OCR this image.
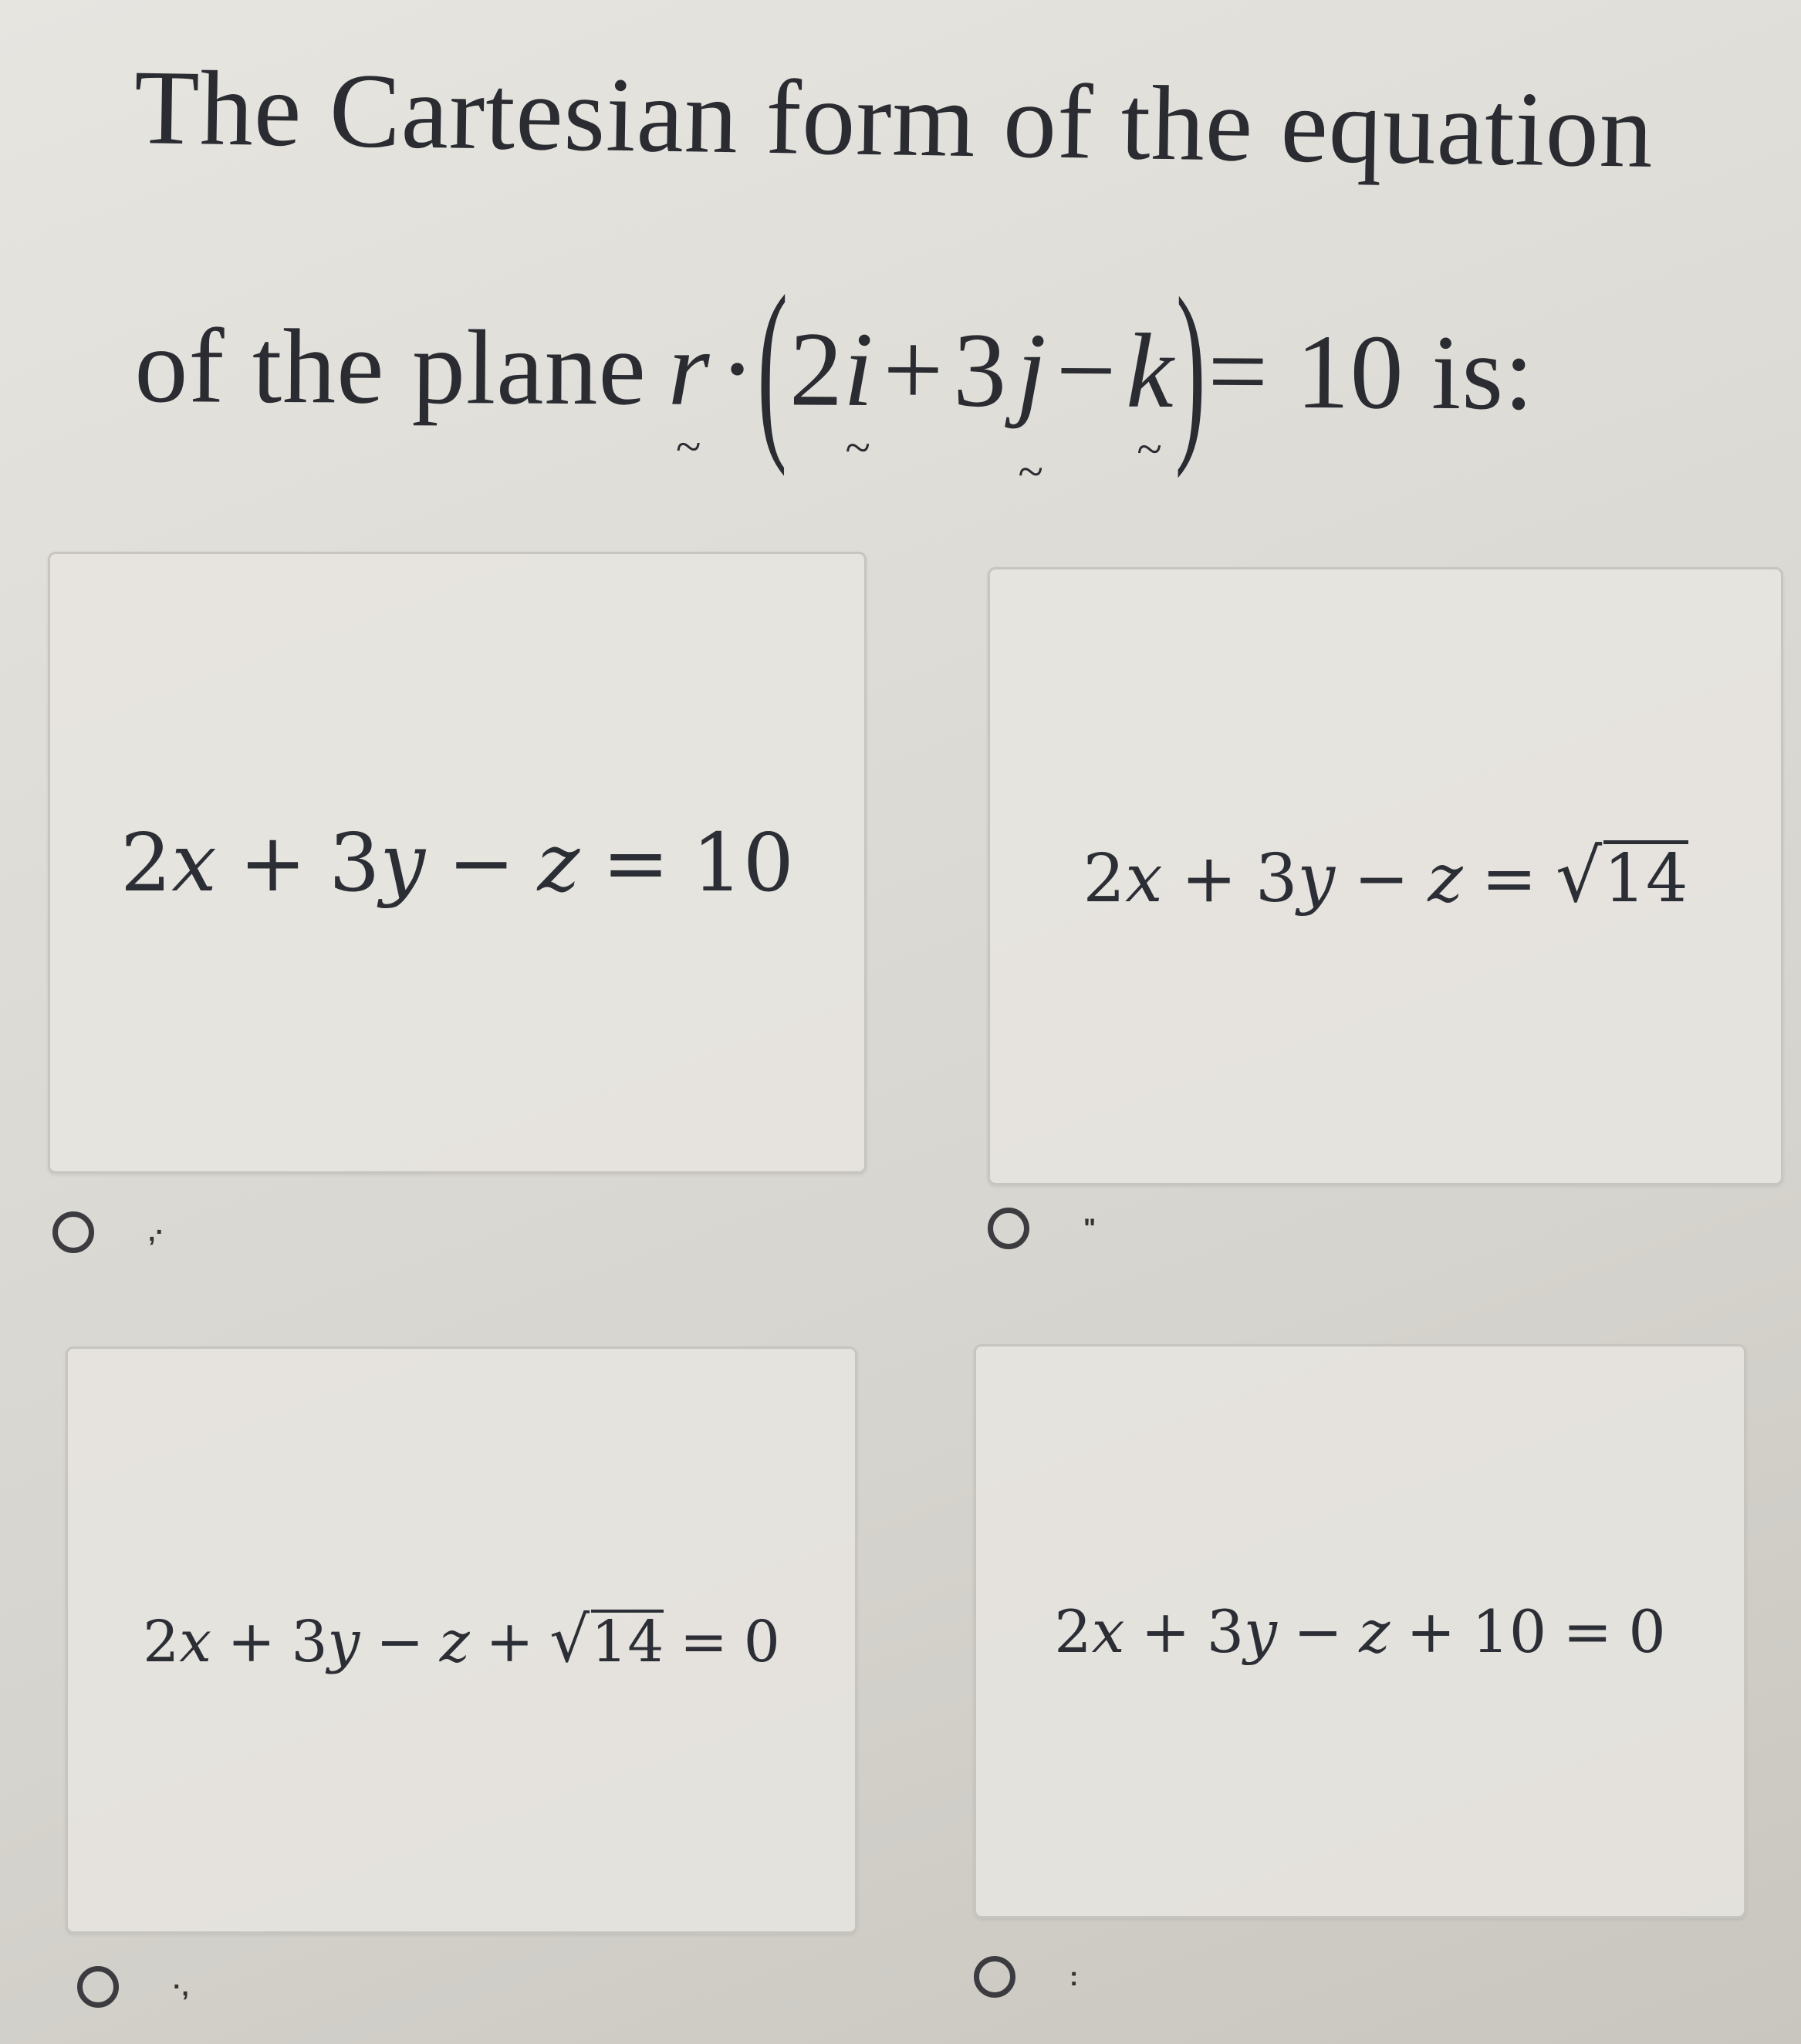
The Cartesian form of the equation
of the plane r
~
· ( 2 i
~
+ 3 j
~
− k
~ ) = 10 is:
2 x + 3 y − z = 10
,·
2 x + 3 y − z = √ 14
"
2 x + 3 y − z + √ 14 = 0
·,
2 x + 3 y − z + 10 = 0
:
